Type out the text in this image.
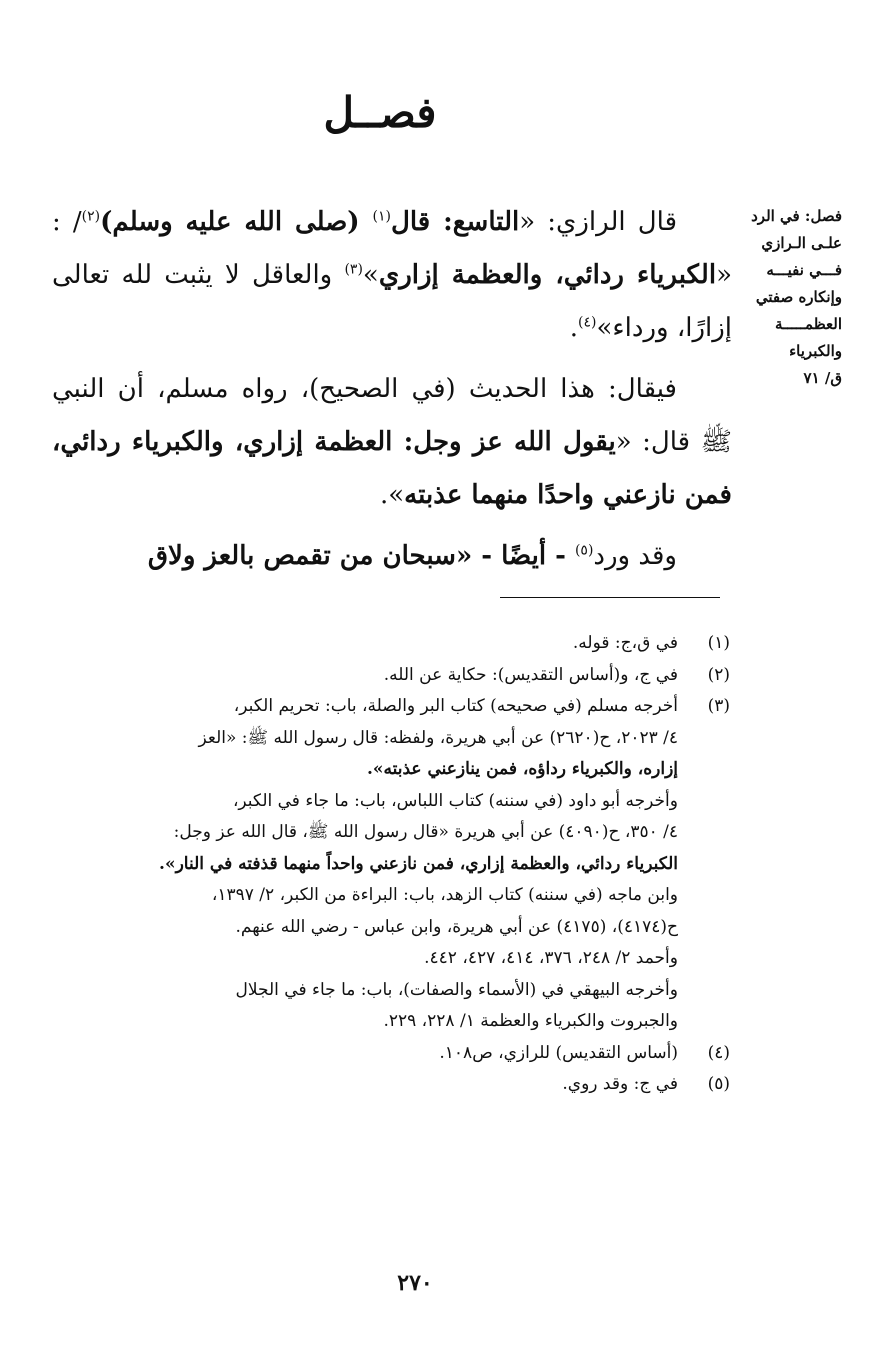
فصــل
فصل: في الرد
علـى الـرازي
فـــي نفيـــه
وإنكاره صفتي
العظمـــــة
والكبرياء
ق/ ٧١

قال الرازي: «التاسع: قال$^{(١)}$ (صلى الله عليه وسلم)$^{(٢)}$/ : «الكبرياء ردائي، والعظمة إزاري»$^{(٣)}$ والعاقل لا يثبت لله تعالى إزارًا، ورداء»$^{(٤)}$.

فيقال: هذا الحديث (في الصحيح)، رواه مسلم، أن النبي ﷺ قال: «يقول الله عز وجل: العظمة إزاري، والكبرياء ردائي، فمن نازعني واحدًا منهما عذبته».

وقد ورد$^{(٥)}$ - أيضًا - «سبحان من تقمص بالعز ولاق

(١)
في ق،ج: قوله.
(٢)
في ج، و(أساس التقديس): حكاية عن الله.
(٣)
أخرجه مسلم (في صحيحه) كتاب البر والصلة، باب: تحريم الكبر،
٤/ ٢٠٢٣، ح(٢٦٢٠) عن أبي هريرة، ولفظه: قال رسول الله ﷺ: «العز
إزاره، والكبرياء رداؤه، فمن ينازعني عذبته».
وأخرجه أبو داود (في سننه) كتاب اللباس، باب: ما جاء في الكبر،
٤/ ٣٥٠، ح(٤٠٩٠) عن أبي هريرة «قال رسول الله ﷺ، قال الله عز وجل:
الكبرياء ردائي، والعظمة إزاري، فمن نازعني واحداً منهما قذفته في النار».
وابن ماجه (في سننه) كتاب الزهد، باب: البراءة من الكبر، ٢/ ١٣٩٧،
ح(٤١٧٤)، (٤١٧٥) عن أبي هريرة، وابن عباس - رضي الله عنهم.
وأحمد ٢/ ٢٤٨، ٣٧٦، ٤١٤، ٤٢٧، ٤٤٢.
وأخرجه البيهقي في (الأسماء والصفات)، باب: ما جاء في الجلال
والجبروت والكبرياء والعظمة ١/ ٢٢٨، ٢٢٩.
(٤)
(أساس التقديس) للرازي، ص١٠٨.
(٥)
في ج: وقد روي.
٢٧٠
